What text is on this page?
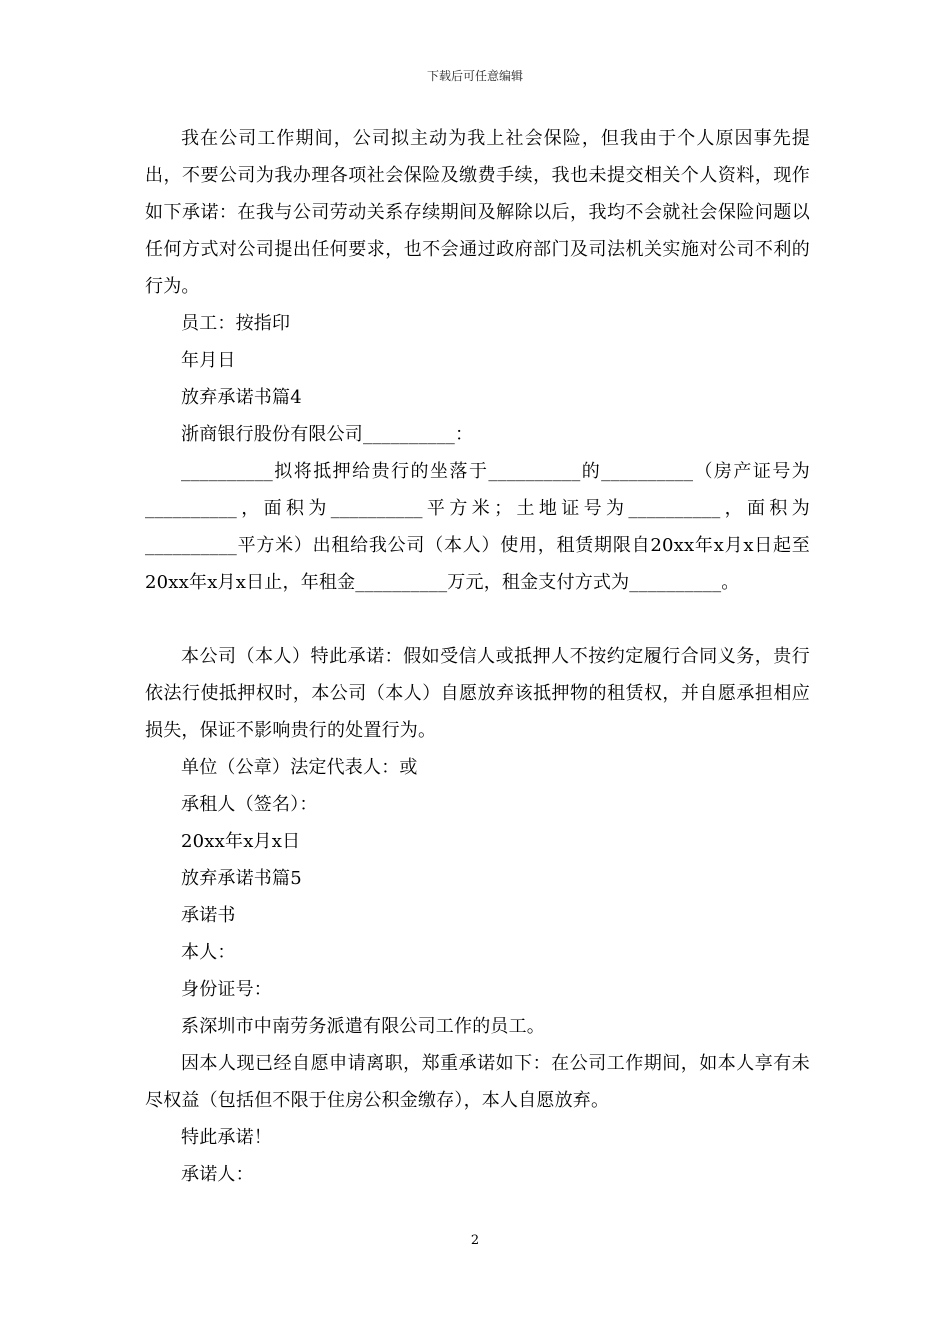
下载后可任意编辑

我在公司工作期间，公司拟主动为我上社会保险，但我由于个人原因事先提出，不要公司为我办理各项社会保险及缴费手续，我也未提交相关个人资料，现作如下承诺：在我与公司劳动关系存续期间及解除以后，我均不会就社会保险问题以任何方式对公司提出任何要求，也不会通过政府部门及司法机关实施对公司不利的行为。

员工：按指印

年月日

放弃承诺书篇4

浙商银行股份有限公司__________：

__________拟将抵押给贵行的坐落于__________的__________（房产证号为__________，面积为__________平方米；土地证号为__________，面积为__________平方米）出租给我公司（本人）使用，租赁期限自20xx年x月x日起至20xx年x月x日止，年租金__________万元，租金支付方式为__________。

本公司（本人）特此承诺：假如受信人或抵押人不按约定履行合同义务，贵行依法行使抵押权时，本公司（本人）自愿放弃该抵押物的租赁权，并自愿承担相应损失，保证不影响贵行的处置行为。

单位（公章）法定代表人：或

承租人（签名）：

20xx年x月x日

放弃承诺书篇5

承诺书

本人：

身份证号：

系深圳市中南劳务派遣有限公司工作的员工。

因本人现已经自愿申请离职，郑重承诺如下：在公司工作期间，如本人享有未尽权益（包括但不限于住房公积金缴存），本人自愿放弃。

特此承诺！

承诺人：

2
